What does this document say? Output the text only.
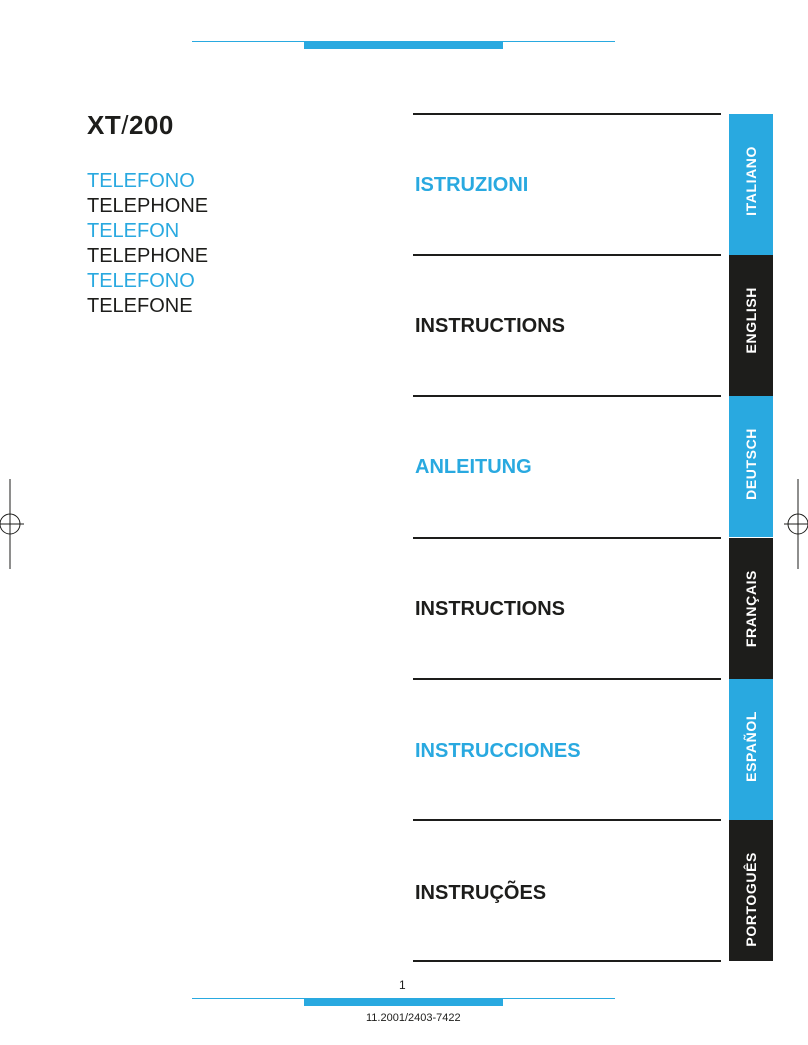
XT/200
TELEFONO
TELEPHONE
TELEFON
TELEPHONE
TELEFONO
TELEFONE
ISTRUZIONI
INSTRUCTIONS
ANLEITUNG
INSTRUCTIONS
INSTRUCCIONES
INSTRUÇÕES
ITALIANO
ENGLISH
DEUTSCH
FRANÇAIS
ESPAÑOL
PORTOGUÊS
1
11.2001/2403-7422
